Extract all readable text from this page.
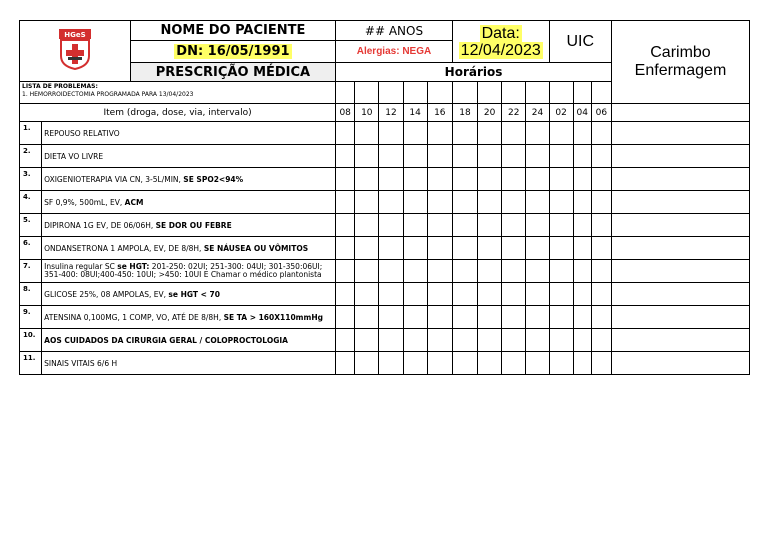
HGeS		NOME DO PACIENTE	## ANOS					Data:
12/04/2023				UIC			Carimbo
Enfermagem
		DN: 16/05/1991	Alergias: NEGA												
		PRESCRIÇÃO MÉDICA	Horários												

LISTA DE PROBLEMAS:
1. HEMORROIDECTOMIA PROGRAMADA PARA 13/04/2023															

Item (droga, dose, via, intervalo)			08	10	12	14	16	18	20	22	24	02	04	06	
1.	REPOUSO RELATIVO														
2.	DIETA VO LIVRE														
3.	OXIGENIOTERAPIA VIA CN, 3-5L/MIN, SE SPO2<94%														
4.	SF 0,9%, 500mL, EV, ACM														
5.	DIPIRONA 1G EV, DE 06/06H, SE DOR OU FEBRE														
6.	ONDANSETRONA 1 AMPOLA, EV, DE 8/8H, SE NÁUSEA OU VÔMITOS														
7.	Insulina regular SC se HGT: 201-250: 02UI; 251-300: 04UI; 301-350:06UI; 351-400: 08UI;400-450: 10UI; >450: 10UI E Chamar o médico plantonista														
8.	GLICOSE 25%, 08 AMPOLAS, EV, se HGT < 70														
9.	ATENSINA 0,100MG, 1 COMP, VO, ATÉ DE 8/8H, SE TA > 160X110mmHg														
10.	AOS CUIDADOS DA CIRURGIA GERAL / COLOPROCTOLOGIA														
11.	SINAIS VITAIS 6/6 H														
